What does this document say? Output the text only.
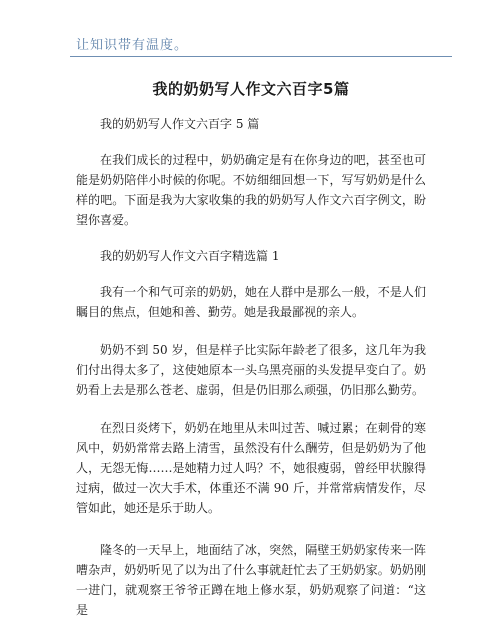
让知识带有温度。
我的奶奶写人作文六百字5篇
我的奶奶写人作文六百字 5 篇

在我们成长的过程中，奶奶确定是有在你身边的吧，甚至也可能是奶奶陪伴小时候的你呢。不妨细细回想一下，写写奶奶是什么样的吧。下面是我为大家收集的我的奶奶写人作文六百字例文，盼望你喜爱。

我的奶奶写人作文六百字精选篇 1

我有一个和气可亲的奶奶，她在人群中是那么一般，不是人们瞩目的焦点，但她和善、勤劳。她是我最鄙视的亲人。

奶奶不到 50 岁，但是样子比实际年龄老了很多，这几年为我们付出得太多了，这使她原本一头乌黑亮丽的头发提早变白了。奶奶看上去是那么苍老、虚弱，但是仍旧那么顽强，仍旧那么勤劳。

在烈日炎烤下，奶奶在地里从未叫过苦、喊过累；在刺骨的寒风中，奶奶常常去路上清雪，虽然没有什么酬劳，但是奶奶为了他人，无怨无悔……是她精力过人吗？不，她很瘦弱，曾经甲状腺得过病，做过一次大手术，体重还不满 90 斤，并常常病情发作，尽管如此，她还是乐于助人。

隆冬的一天早上，地面结了冰，突然，隔壁王奶奶家传来一阵嘈杂声，奶奶听见了以为出了什么事就赶忙去了王奶奶家。奶奶刚一进门，就观察王爷爷正蹲在地上修水泵，奶奶观察了问道：“这是
